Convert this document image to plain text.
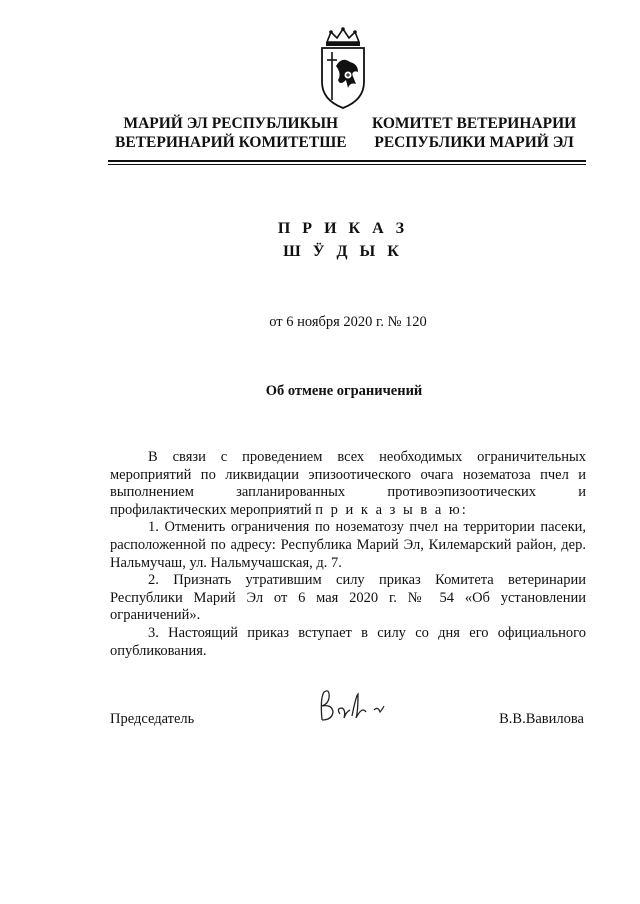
МАРИЙ ЭЛ РЕСПУБЛИКЫН
ВЕТЕРИНАРИЙ КОМИТЕТШЕ
КОМИТЕТ ВЕТЕРИНАРИИ
РЕСПУБЛИКИ МАРИЙ ЭЛ
П Р И К А З
Ш Ӱ Д Ы К
от 6 ноября 2020 г. № 120
Об отмене ограничений

В связи с проведением всех необходимых ограничительных мероприятий по ликвидации эпизоотического очага нозематоза пчел и выполнением запланированных противоэпизоотических и профилактических мероприятий п р и к а з ы в а ю:

1. Отменить ограничения по нозематозу пчел на территории пасеки, расположенной по адресу: Республика Марий Эл, Килемарский район, дер. Нальмучаш, ул. Нальмучашская, д. 7.

2. Признать утратившим силу приказ Комитета ветеринарии Республики Марий Эл от 6 мая 2020 г. № 54 «Об установлении ограничений».

3. Настоящий приказ вступает в силу со дня его официального опубликования.

Председатель	В.В.Вавилова
